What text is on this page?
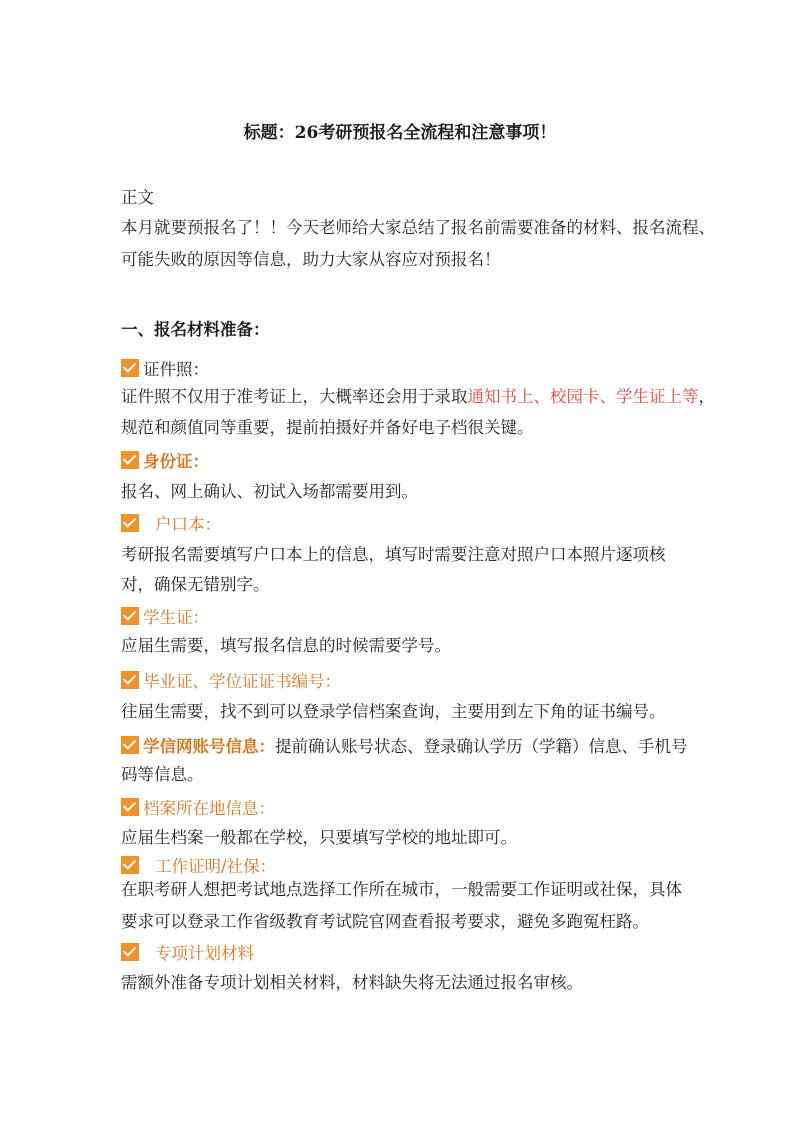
标题：26考研预报名全流程和注意事项！
正文
本月就要预报名了！！今天老师给大家总结了报名前需要准备的材料、报名流程、
可能失败的原因等信息，助力大家从容应对预报名！
一、报名材料准备：
证件照：
证件照不仅用于准考证上，大概率还会用于录取通知书上、校园卡、学生证上等，
规范和颜值同等重要，提前拍摄好并备好电子档很关键。
身份证：
报名、网上确认、初试入场都需要用到。
户口本：
考研报名需要填写户口本上的信息，填写时需要注意对照户口本照片逐项核
对，确保无错别字。
学生证：
应届生需要，填写报名信息的时候需要学号。
毕业证、学位证证书编号：
往届生需要，找不到可以登录学信档案查询，主要用到左下角的证书编号。
学信网账号信息： 提前确认账号状态、登录确认学历（学籍）信息、手机号
码等信息。
档案所在地信息：
应届生档案一般都在学校，只要填写学校的地址即可。
工作证明/社保：
在职考研人想把考试地点选择工作所在城市，一般需要工作证明或社保，具体
要求可以登录工作省级教育考试院官网查看报考要求，避免多跑冤枉路。
专项计划材料
需额外准备专项计划相关材料，材料缺失将无法通过报名审核。
